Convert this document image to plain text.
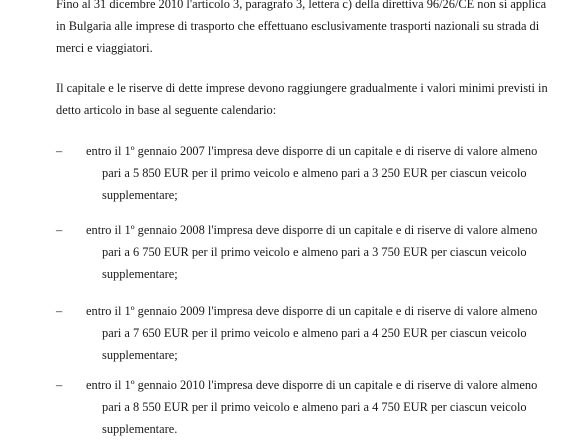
Fino al 31 dicembre 2010 l'articolo 3, paragrafo 3, lettera c) della direttiva 96/26/CE non si applica
in Bulgaria alle imprese di trasporto che effettuano esclusivamente trasporti nazionali su strada di
merci e viaggiatori.
Il capitale e le riserve di dette imprese devono raggiungere gradualmente i valori minimi previsti in
detto articolo in base al seguente calendario:
–	entro il 1º gennaio 2007 l'impresa deve disporre di un capitale e di riserve di valore almeno
pari a 5 850 EUR per il primo veicolo e almeno pari a 3 250 EUR per ciascun veicolo
supplementare;
–	entro il 1º gennaio 2008 l'impresa deve disporre di un capitale e di riserve di valore almeno
pari a 6 750 EUR per il primo veicolo e almeno pari a 3 750 EUR per ciascun veicolo
supplementare;
–	entro il 1º gennaio 2009 l'impresa deve disporre di un capitale e di riserve di valore almeno
pari a 7 650 EUR per il primo veicolo e almeno pari a 4 250 EUR per ciascun veicolo
supplementare;
–	entro il 1º gennaio 2010 l'impresa deve disporre di un capitale e di riserve di valore almeno
pari a 8 550 EUR per il primo veicolo e almeno pari a 4 750 EUR per ciascun veicolo
supplementare.
